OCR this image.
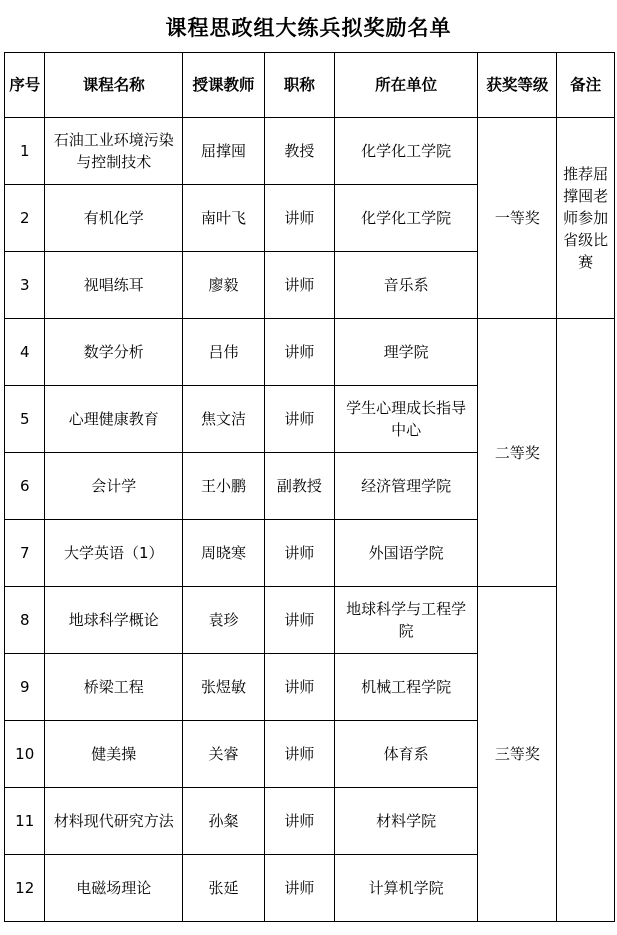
课程思政组大练兵拟奖励名单
序号	课程名称	授课教师	职称	所在单位	获奖等级	备注
1	石油工业环境污染与控制技术	屈撑囤	教授	化学化工学院	一等奖	推荐屈撑囤老师参加省级比赛
2	有机化学	南叶飞	讲师	化学化工学院		
3	视唱练耳	廖毅	讲师	音乐系		
4	数学分析	吕伟	讲师	理学院	二等奖	
5	心理健康教育	焦文洁	讲师	学生心理成长指导中心		
6	会计学	王小鹏	副教授	经济管理学院		
7	大学英语（1）	周晓寒	讲师	外国语学院		
8	地球科学概论	袁珍	讲师	地球科学与工程学院	三等奖	
9	桥梁工程	张煜敏	讲师	机械工程学院		
10	健美操	关睿	讲师	体育系		
11	材料现代研究方法	孙粲	讲师	材料学院		
12	电磁场理论	张延	讲师	计算机学院		
